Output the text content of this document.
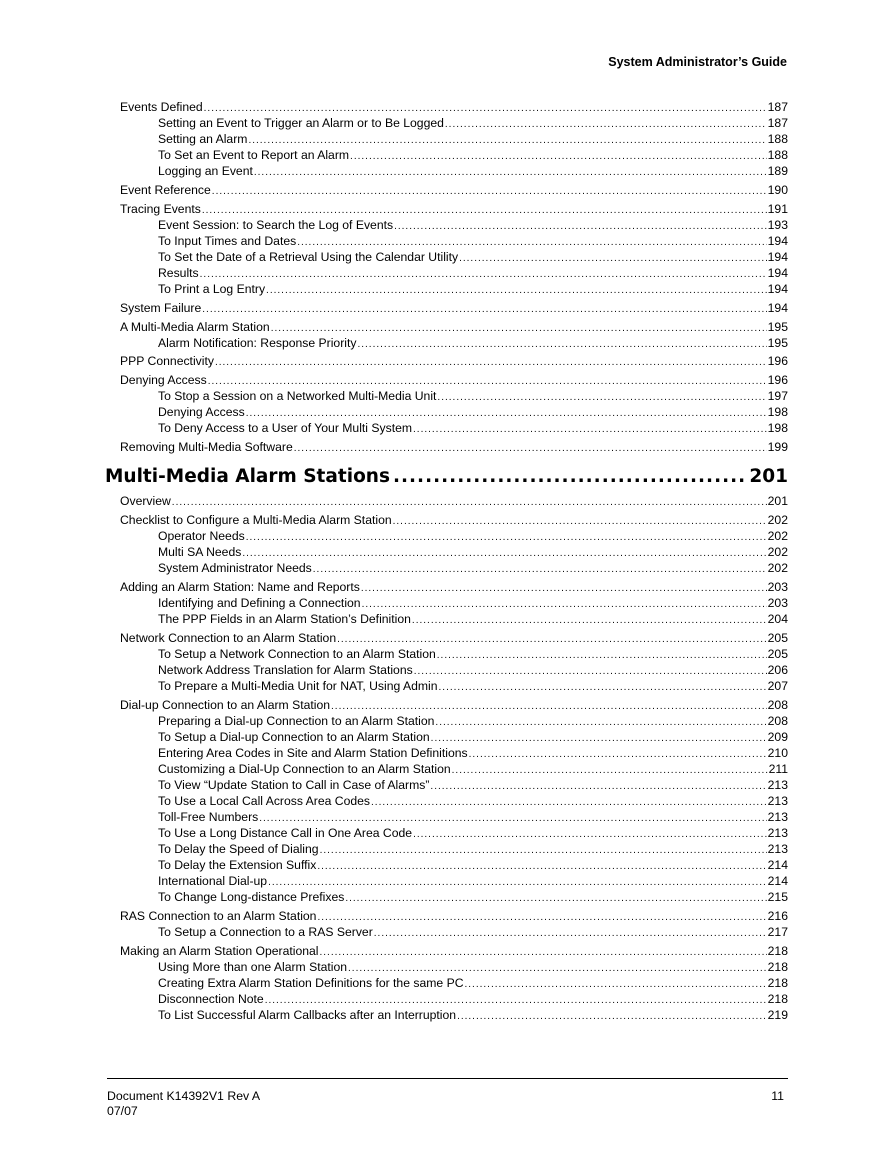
System Administrator’s Guide
Events Defined .....	187
Setting an Event to Trigger an Alarm or to Be Logged .....	187
Setting an Alarm .....	188
To Set an Event to Report an Alarm .....	188
Logging an Event .....	189
Event Reference .....	190
Tracing Events .....	191
Event Session: to Search the Log of Events .....	193
To Input Times and Dates .....	194
To Set the Date of a Retrieval Using the Calendar Utility .....	194
Results .....	194
To Print a Log Entry .....	194
System Failure .....	194
A Multi-Media Alarm Station .....	195
Alarm Notification: Response Priority .....	195
PPP Connectivity .....	196
Denying Access .....	196
To Stop a Session on a Networked Multi-Media Unit .....	197
Denying Access .....	198
To Deny Access to a User of Your Multi System .....	198
Removing Multi-Media Software .....	199
Multi-Media Alarm Stations .....	201
Overview .....	201
Checklist to Configure a Multi-Media Alarm Station .....	202
Operator Needs .....	202
Multi SA Needs .....	202
System Administrator Needs .....	202
Adding an Alarm Station: Name and Reports .....	203
Identifying and Defining a Connection .....	203
The PPP Fields in an Alarm Station’s Definition .....	204
Network Connection to an Alarm Station .....	205
To Setup a Network Connection to an Alarm Station .....	205
Network Address Translation for Alarm Stations .....	206
To Prepare a Multi-Media Unit for NAT, Using Admin .....	207
Dial-up Connection to an Alarm Station .....	208
Preparing a Dial-up Connection to an Alarm Station .....	208
To Setup a Dial-up Connection to an Alarm Station .....	209
Entering Area Codes in Site and Alarm Station Definitions .....	210
Customizing a Dial-Up Connection to an Alarm Station .....	211
To View “Update Station to Call in Case of Alarms” .....	213
To Use a Local Call Across Area Codes .....	213
Toll-Free Numbers .....	213
To Use a Long Distance Call in One Area Code .....	213
To Delay the Speed of Dialing .....	213
To Delay the Extension Suffix .....	214
International Dial-up .....	214
To Change Long-distance Prefixes .....	215
RAS Connection to an Alarm Station .....	216
To Setup a Connection to a RAS Server .....	217
Making an Alarm Station Operational .....	218
Using More than one Alarm Station .....	218
Creating Extra Alarm Station Definitions for the same PC .....	218
Disconnection Note .....	218
To List Successful Alarm Callbacks after an Interruption .....	219
Document K14392V1 Rev A
07/07
11
